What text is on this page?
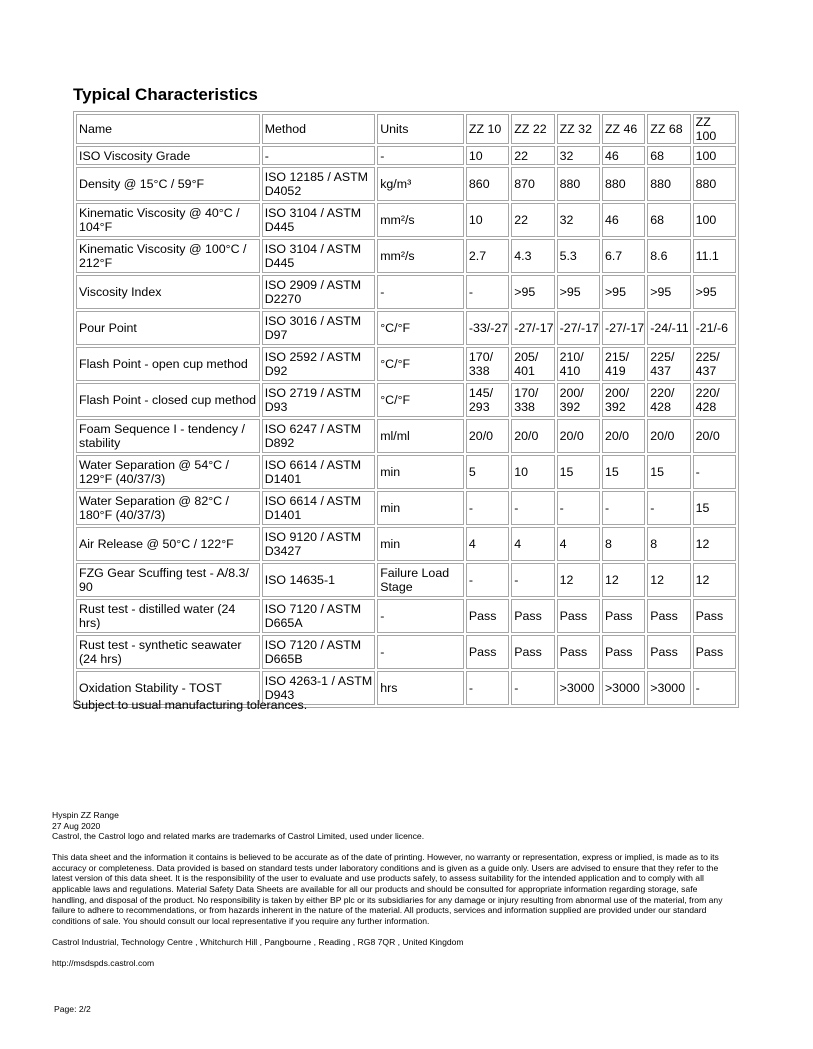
Typical Characteristics
Name	Method	Units	ZZ 10	ZZ 22	ZZ 32	ZZ 46	ZZ 68	ZZ 100
ISO Viscosity Grade	-	-	10	22	32	46	68	100
Density @ 15°C / 59°F	ISO 12185 / ASTM D4052	kg/m³	860	870	880	880	880	880
Kinematic Viscosity @ 40°C / 104°F	ISO 3104 / ASTM D445	mm²/s	10	22	32	46	68	100
Kinematic Viscosity @ 100°C / 212°F	ISO 3104 / ASTM D445	mm²/s	2.7	4.3	5.3	6.7	8.6	11.1
Viscosity Index	ISO 2909 / ASTM D2270	-	-	>95	>95	>95	>95	>95
Pour Point	ISO 3016 / ASTM D97	°C/°F	-33/-27	-27/-17	-27/-17	-27/-17	-24/-11	-21/-6
Flash Point - open cup method	ISO 2592 / ASTM D92	°C/°F	170/ 338	205/ 401	210/ 410	215/ 419	225/ 437	225/ 437
Flash Point - closed cup method	ISO 2719 / ASTM D93	°C/°F	145/ 293	170/ 338	200/ 392	200/ 392	220/ 428	220/ 428
Foam Sequence I - tendency / stability	ISO 6247 / ASTM D892	ml/ml	20/0	20/0	20/0	20/0	20/0	20/0
Water Separation @ 54°C / 129°F (40/37/3)	ISO 6614 / ASTM D1401	min	5	10	15	15	15	-
Water Separation @ 82°C / 180°F (40/37/3)	ISO 6614 / ASTM D1401	min	-	-	-	-	-	15
Air Release @ 50°C / 122°F	ISO 9120 / ASTM D3427	min	4	4	4	8	8	12
FZG Gear Scuffing test - A/8.3/ 90	ISO 14635-1	Failure Load Stage	-	-	12	12	12	12
Rust test - distilled water (24 hrs)	ISO 7120 / ASTM D665A	-	Pass	Pass	Pass	Pass	Pass	Pass
Rust test - synthetic seawater (24 hrs)	ISO 7120 / ASTM D665B	-	Pass	Pass	Pass	Pass	Pass	Pass
Oxidation Stability - TOST	ISO 4263-1 / ASTM D943	hrs	-	-	>3000	>3000	>3000	-

Subject to usual manufacturing tolerances.

Hyspin ZZ Range

27 Aug 2020

Castrol, the Castrol logo and related marks are trademarks of Castrol Limited, used under licence.

This data sheet and the information it contains is believed to be accurate as of the date of printing. However, no warranty or representation, express or implied, is made as to its accuracy or completeness. Data provided is based on standard tests under laboratory conditions and is given as a guide only. Users are advised to ensure that they refer to the latest version of this data sheet. It is the responsibility of the user to evaluate and use products safely, to assess suitability for the intended application and to comply with all applicable laws and regulations. Material Safety Data Sheets are available for all our products and should be consulted for appropriate information regarding storage, safe handling, and disposal of the product. No responsibility is taken by either BP plc or its subsidiaries for any damage or injury resulting from abnormal use of the material, from any failure to adhere to recommendations, or from hazards inherent in the nature of the material. All products, services and information supplied are provided under our standard conditions of sale. You should consult our local representative if you require any further information.

Castrol Industrial, Technology Centre , Whitchurch Hill , Pangbourne , Reading , RG8 7QR , United Kingdom

http://msdspds.castrol.com

Page: 2/2
